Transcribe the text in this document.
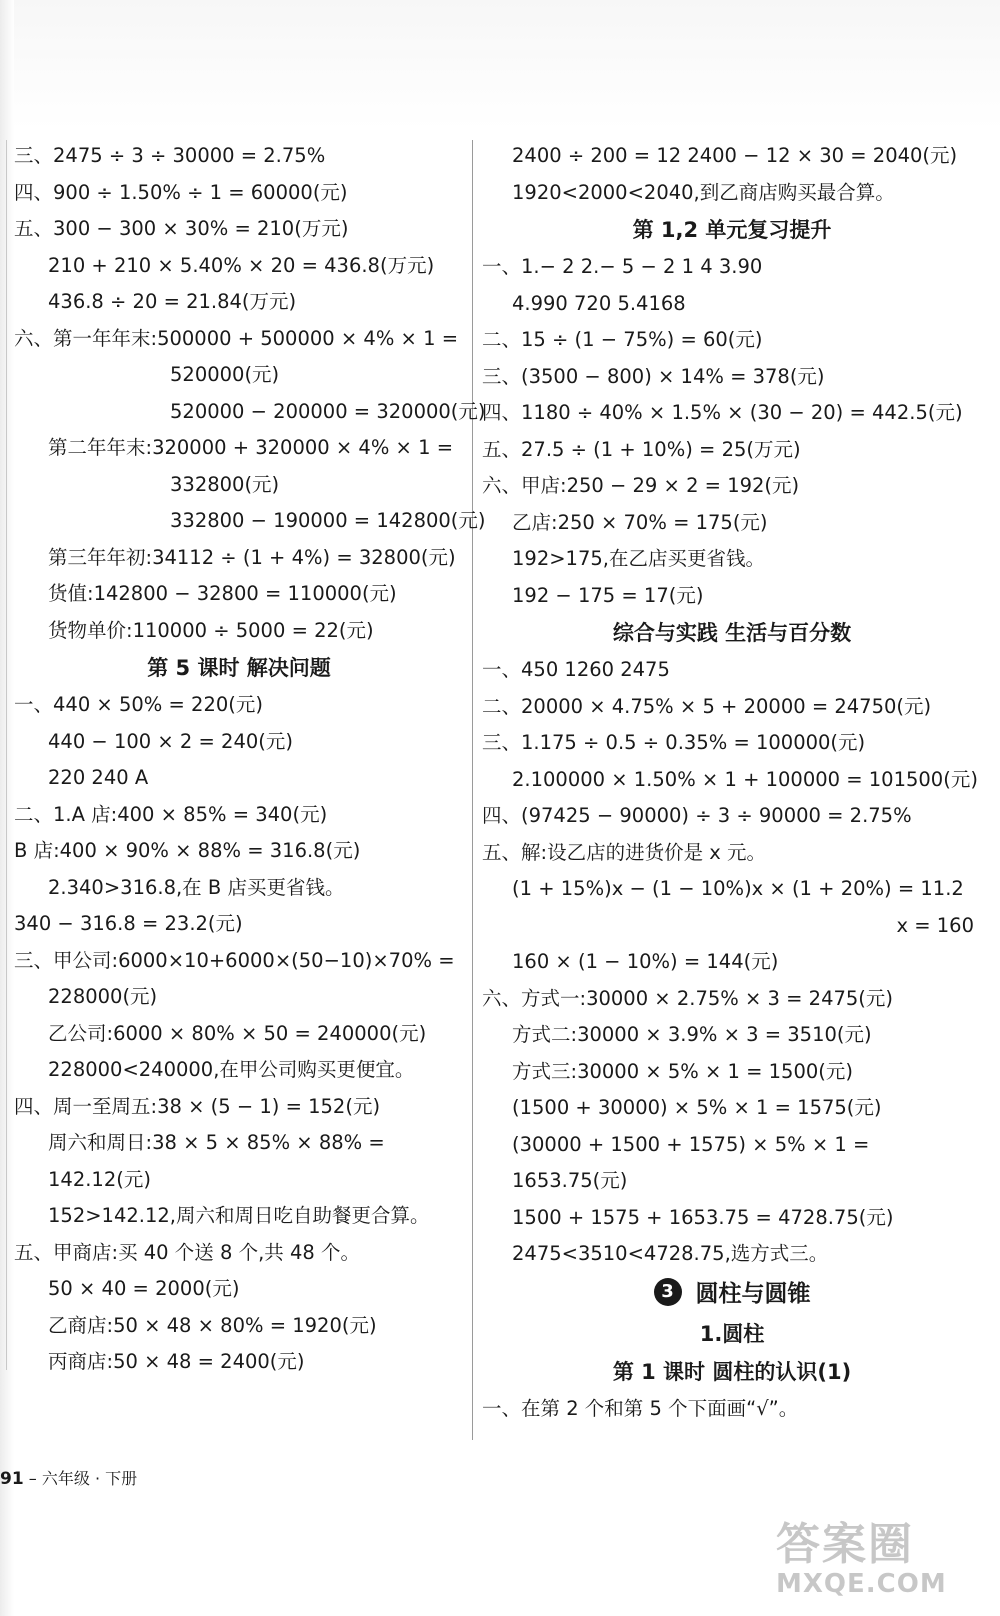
三、2475 ÷ 3 ÷ 30000 = 2.75%
四、900 ÷ 1.50% ÷ 1 = 60000(元)
五、300 − 300 × 30% = 210(万元)
210 + 210 × 5.40% × 20 = 436.8(万元)
436.8 ÷ 20 = 21.84(万元)
六、第一年年末:500000 + 500000 × 4% × 1 =
520000(元)
520000 − 200000 = 320000(元)
第二年年末:320000 + 320000 × 4% × 1 =
332800(元)
332800 − 190000 = 142800(元)
第三年年初:34112 ÷ (1 + 4%) = 32800(元)
货值:142800 − 32800 = 110000(元)
货物单价:110000 ÷ 5000 = 22(元)
第 5 课时 解决问题
一、440 × 50% = 220(元)
440 − 100 × 2 = 240(元)
220 240 A
二、1.A 店:400 × 85% = 340(元)
B 店:400 × 90% × 88% = 316.8(元)
2.340>316.8,在 B 店买更省钱。
340 − 316.8 = 23.2(元)
三、甲公司:6000×10+6000×(50−10)×70% =
228000(元)
乙公司:6000 × 80% × 50 = 240000(元)
228000<240000,在甲公司购买更便宜。
四、周一至周五:38 × (5 − 1) = 152(元)
周六和周日:38 × 5 × 85% × 88% =
142.12(元)
152>142.12,周六和周日吃自助餐更合算。
五、甲商店:买 40 个送 8 个,共 48 个。
50 × 40 = 2000(元)
乙商店:50 × 48 × 80% = 1920(元)
丙商店:50 × 48 = 2400(元)
2400 ÷ 200 = 12 2400 − 12 × 30 = 2040(元)
1920<2000<2040,到乙商店购买最合算。
第 1,2 单元复习提升
一、1.− 2 2.− 5 − 2 1 4 3.90
4.990 720 5.4168
二、15 ÷ (1 − 75%) = 60(元)
三、(3500 − 800) × 14% = 378(元)
四、1180 ÷ 40% × 1.5% × (30 − 20) = 442.5(元)
五、27.5 ÷ (1 + 10%) = 25(万元)
六、甲店:250 − 29 × 2 = 192(元)
乙店:250 × 70% = 175(元)
192>175,在乙店买更省钱。
192 − 175 = 17(元)
综合与实践 生活与百分数
一、450 1260 2475
二、20000 × 4.75% × 5 + 20000 = 24750(元)
三、1.175 ÷ 0.5 ÷ 0.35% = 100000(元)
2.100000 × 1.50% × 1 + 100000 = 101500(元)
四、(97425 − 90000) ÷ 3 ÷ 90000 = 2.75%
五、解:设乙店的进货价是 x 元。
(1 + 15%)x − (1 − 10%)x × (1 + 20%) = 11.2
x = 160
160 × (1 − 10%) = 144(元)
六、方式一:30000 × 2.75% × 3 = 2475(元)
方式二:30000 × 3.9% × 3 = 3510(元)
方式三:30000 × 5% × 1 = 1500(元)
(1500 + 30000) × 5% × 1 = 1575(元)
(30000 + 1500 + 1575) × 5% × 1 =
1653.75(元)
1500 + 1575 + 1653.75 = 4728.75(元)
2475<3510<4728.75,选方式三。
3 圆柱与圆锥
1.圆柱
第 1 课时 圆柱的认识(1)
一、在第 2 个和第 5 个下面画“√”。
91 – 六年级 · 下册
答案圈
MXQE.COM
